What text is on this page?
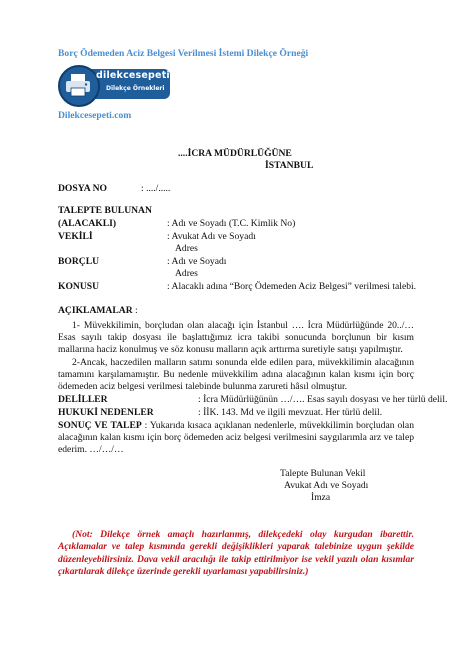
Borç Ödemeden Aciz Belgesi Verilmesi İstemi Dilekçe Örneği
dilekcesepeti.com
Dilekçe Örnekleri
Dilekcesepeti.com
....İCRA MÜDÜRLÜĞÜNE
İSTANBUL
DOSYA NO	: ..../.....
TALEPTE BULUNAN
(ALACAKLI)	: Adı ve Soyadı (T.C. Kimlik No)
VEKİLİ	: Avukat Adı ve Soyadı
Adres
BORÇLU	: Adı ve Soyadı
Adres
KONUSU	: Alacaklı adına “Borç Ödemeden Aciz Belgesi” verilmesi talebi.
AÇIKLAMALAR :
1- Müvekkilimin, borçludan olan alacağı için İstanbul …. İcra Müdürlüğünde 20../… Esas sayılı takip dosyası ile başlattığımız icra takibi sonucunda borçlunun bir kısım mallarına haciz konulmuş ve söz konusu malların açık arttırma suretiyle satışı yapılmıştır.
2-Ancak, haczedilen malların satımı sonunda elde edilen para, müvekkilimin alacağının tamamını karşılamamıştır. Bu nedenle müvekkilim adına alacağının kalan kısmı için borç ödemeden aciz belgesi verilmesi talebinde bulunma zarureti hâsıl olmuştur.
DELİLLER	: İcra Müdürlüğünün …/…. Esas sayılı dosyası ve her türlü delil.
HUKUKİ NEDENLER	: İİK. 143. Md ve ilgili mevzuat. Her türlü delil.
SONUÇ VE TALEP : Yukarıda kısaca açıklanan nedenlerle, müvekkilimin borçludan olan alacağının kalan kısmı için borç ödemeden aciz belgesi verilmesini saygılarımla arz ve talep ederim. …/…/…
Talepte Bulunan Vekil
Avukat Adı ve Soyadı
İmza
(Not: Dilekçe örnek amaçlı hazırlanmış, dilekçedeki olay kurgudan ibarettir. Açıklamalar ve talep kısmında gerekli değişiklikleri yaparak talebinize uygun şekilde düzenleyebilirsiniz. Dava vekil aracılığı ile takip ettirilmiyor ise vekil yazılı olan kısımlar çıkartılarak dilekçe üzerinde gerekli uyarlaması yapabilirsiniz.)
